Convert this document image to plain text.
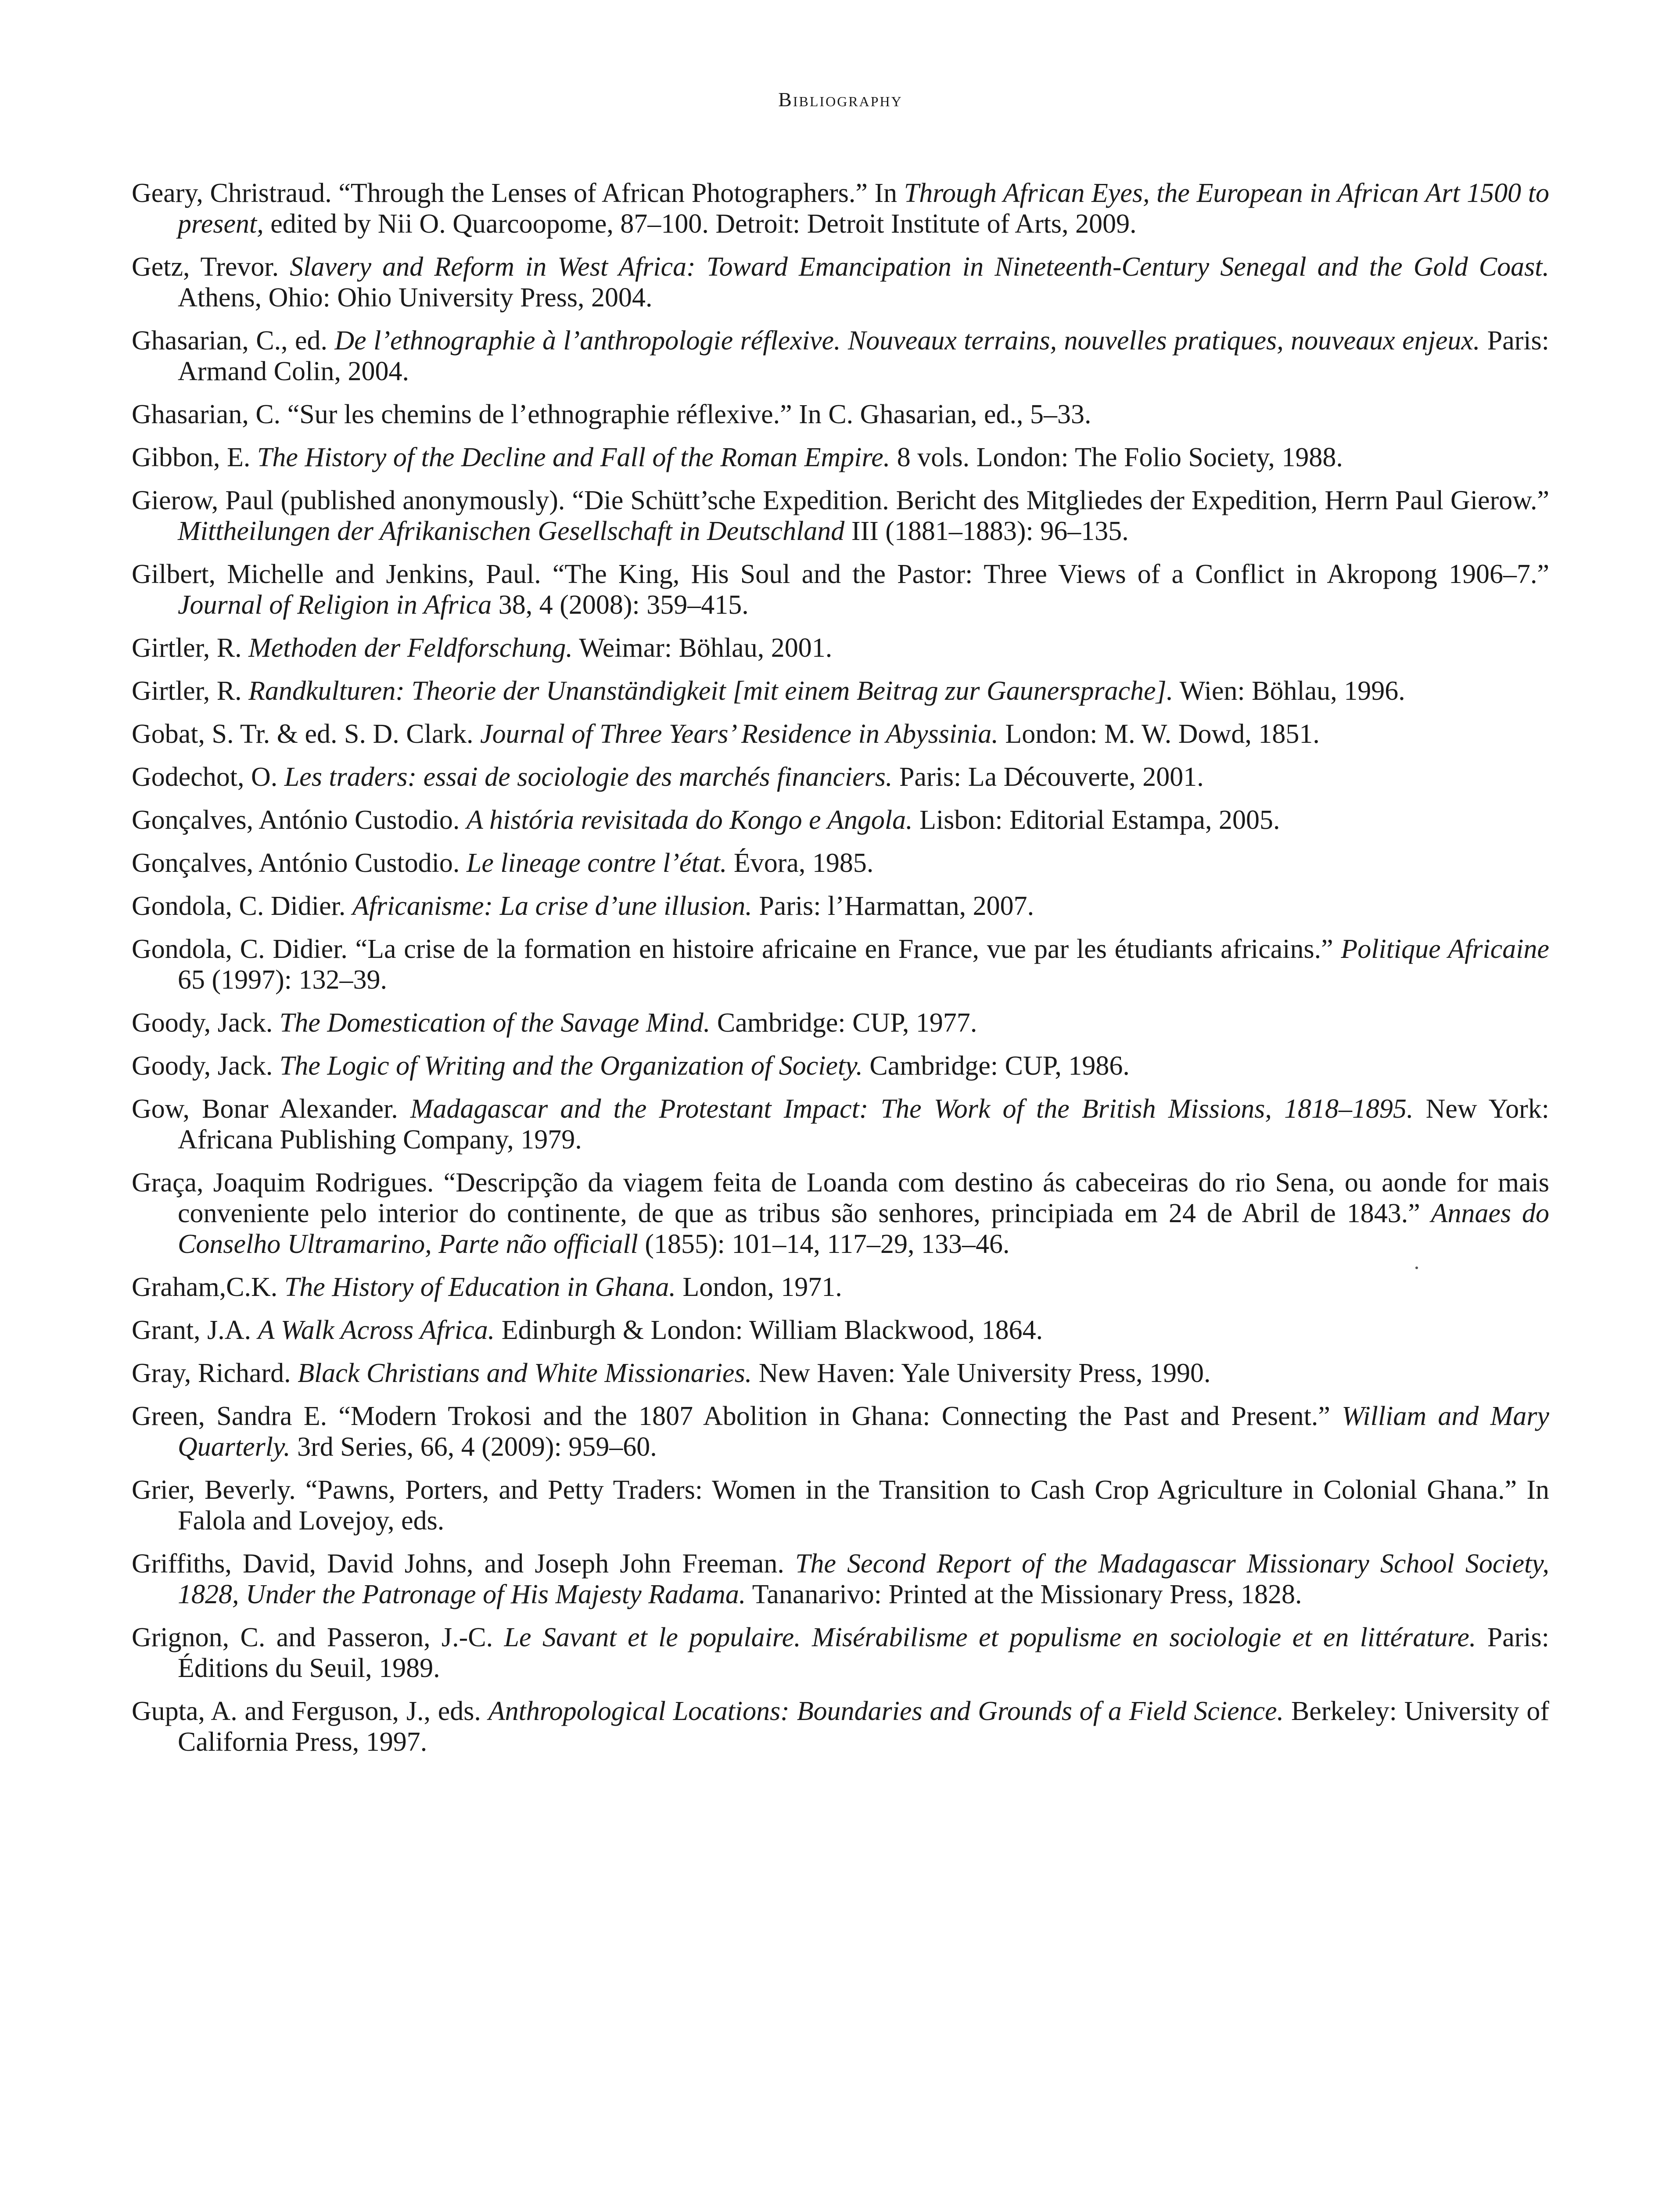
Bibliography
Geary, Christraud. “Through the Lenses of African Photographers.” In Through African Eyes, the European in African Art 1500 to present, edited by Nii O. Quarcoopome, 87–100. Detroit: Detroit Institute of Arts, 2009.
Getz, Trevor. Slavery and Reform in West Africa: Toward Emancipation in Nineteenth-Century Senegal and the Gold Coast. Athens, Ohio: Ohio University Press, 2004.
Ghasarian, C., ed. De l’ethnographie à l’anthropologie réflexive. Nouveaux terrains, nouvelles pratiques, nouveaux enjeux. Paris: Armand Colin, 2004.
Ghasarian, C. “Sur les chemins de l’ethnographie réflexive.” In C. Ghasarian, ed., 5–33.
Gibbon, E. The History of the Decline and Fall of the Roman Empire. 8 vols. London: The Folio Society, 1988.
Gierow, Paul (published anonymously). “Die Schütt’sche Expedition. Bericht des Mitgliedes der Expedition, Herrn Paul Gierow.” Mittheilungen der Afrikanischen Gesellschaft in Deutschland III (1881–1883): 96–135.
Gilbert, Michelle and Jenkins, Paul. “The King, His Soul and the Pastor: Three Views of a Conflict in Akropong 1906–7.” Journal of Religion in Africa 38, 4 (2008): 359–415.
Girtler, R. Methoden der Feldforschung. Weimar: Böhlau, 2001.
Girtler, R. Randkulturen: Theorie der Unanständigkeit [mit einem Beitrag zur Gaunersprache]. Wien: Böhlau, 1996.
Gobat, S. Tr. & ed. S. D. Clark. Journal of Three Years’ Residence in Abyssinia. London: M. W. Dowd, 1851.
Godechot, O. Les traders: essai de sociologie des marchés financiers. Paris: La Découverte, 2001.
Gonçalves, António Custodio. A história revisitada do Kongo e Angola. Lisbon: Editorial Estampa, 2005.
Gonçalves, António Custodio. Le lineage contre l’état. Évora, 1985.
Gondola, C. Didier. Africanisme: La crise d’une illusion. Paris: l’Harmattan, 2007.
Gondola, C. Didier. “La crise de la formation en histoire africaine en France, vue par les étudiants africains.” Politique Africaine 65 (1997): 132–39.
Goody, Jack. The Domestication of the Savage Mind. Cambridge: CUP, 1977.
Goody, Jack. The Logic of Writing and the Organization of Society. Cambridge: CUP, 1986.
Gow, Bonar Alexander. Madagascar and the Protestant Impact: The Work of the British Missions, 1818–1895. New York: Africana Publishing Company, 1979.
Graça, Joaquim Rodrigues. “Descripção da viagem feita de Loanda com destino ás cabeceiras do rio Sena, ou aonde for mais conveniente pelo interior do continente, de que as tribus são senhores, principiada em 24 de Abril de 1843.” Annaes do Conselho Ultramarino, Parte não officiall (1855): 101–14, 117–29, 133–46.
Graham,C.K. The History of Education in Ghana. London, 1971.
Grant, J.A. A Walk Across Africa. Edinburgh & London: William Blackwood, 1864.
Gray, Richard. Black Christians and White Missionaries. New Haven: Yale University Press, 1990.
Green, Sandra E. “Modern Trokosi and the 1807 Abolition in Ghana: Connecting the Past and Present.” William and Mary Quarterly. 3rd Series, 66, 4 (2009): 959–60.
Grier, Beverly. “Pawns, Porters, and Petty Traders: Women in the Transition to Cash Crop Agriculture in Colonial Ghana.” In Falola and Lovejoy, eds.
Griffiths, David, David Johns, and Joseph John Freeman. The Second Report of the Madagascar Missionary School Society, 1828, Under the Patronage of His Majesty Radama. Tananarivo: Printed at the Missionary Press, 1828.
Grignon, C. and Passeron, J.-C. Le Savant et le populaire. Misérabilisme et populisme en sociologie et en littérature. Paris: Éditions du Seuil, 1989.
Gupta, A. and Ferguson, J., eds. Anthropological Locations: Boundaries and Grounds of a Field Science. Berkeley: University of California Press, 1997.
